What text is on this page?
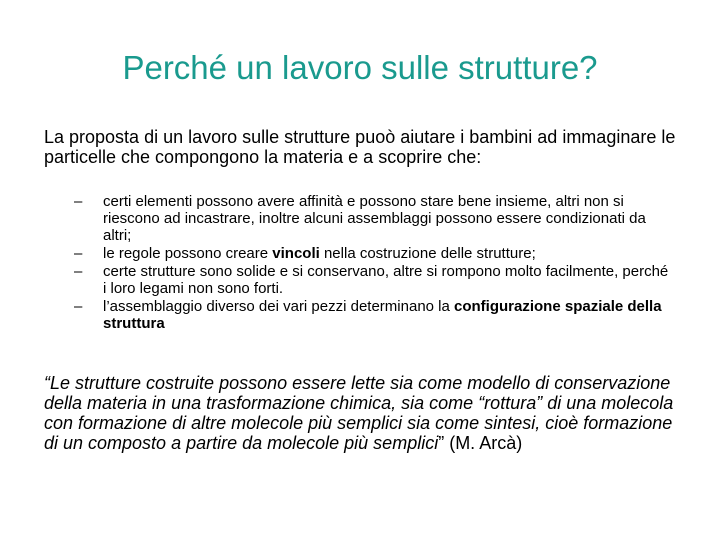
Perché un lavoro sulle strutture?
La proposta di un lavoro sulle strutture puoò aiutare i bambini ad immaginare le particelle che compongono la materia e a scoprire che:
– certi elementi possono avere affinità e possono stare bene insieme, altri non si riescono ad incastrare, inoltre alcuni assemblaggi possono essere condizionati da altri;
– le regole possono creare vincoli nella costruzione delle strutture;
– certe strutture sono solide e si conservano, altre si rompono molto facilmente, perché i loro legami non sono forti.
– l’assemblaggio diverso dei vari pezzi determinano la configurazione spaziale della struttura
“Le strutture costruite possono essere lette sia come modello di conservazione della materia in una trasformazione chimica, sia come “rottura” di una molecola con formazione di altre molecole più semplici sia come sintesi, cioè formazione di un composto a partire da molecole più semplici” (M. Arcà)
